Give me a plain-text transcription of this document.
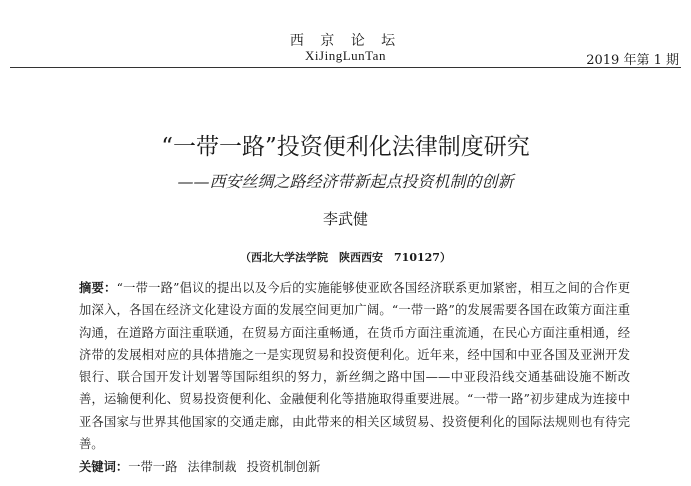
西 京 论 坛
XiJingLunTan	2019 年第 1 期
“一带一路”投资便利化法律制度研究
——西安丝绸之路经济带新起点投资机制的创新
李武健
（西北大学法学院　陕西西安　710127）
摘要：“一带一路”倡议的提出以及今后的实施能够使亚欧各国经济联系更加紧密，相互之间的合作更加深入，各国在经济文化建设方面的发展空间更加广阔。“一带一路”的发展需要各国在政策方面注重沟通，在道路方面注重联通，在贸易方面注重畅通，在货币方面注重流通，在民心方面注重相通，经济带的发展相对应的具体措施之一是实现贸易和投资便利化。近年来，经中国和中亚各国及亚洲开发银行、联合国开发计划署等国际组织的努力，新丝绸之路中国——中亚段沿线交通基础设施不断改善，运输便利化、贸易投资便利化、金融便利化等措施取得重要进展。“一带一路”初步建成为连接中亚各国家与世界其他国家的交通走廊，由此带来的相关区域贸易、投资便利化的国际法规则也有待完善。
关键词：一带一路 法律制裁 投资机制创新
